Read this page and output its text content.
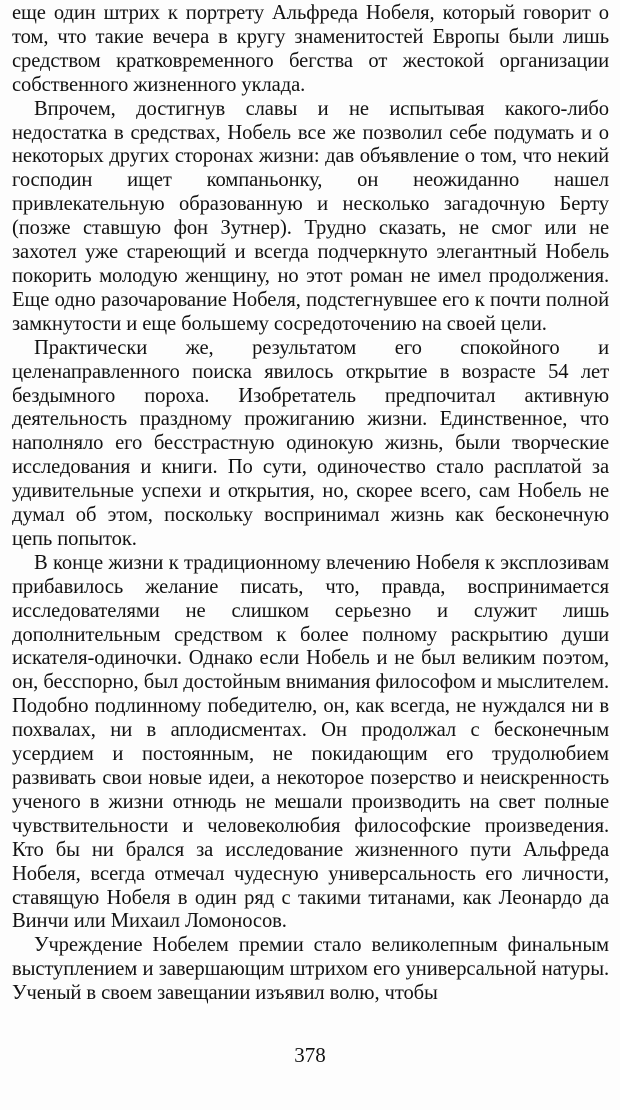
еще один штрих к портрету Альфреда Нобеля, который говорит о том, что такие вечера в кругу знаменитостей Европы были лишь средством кратковременного бегства от жестокой организации собственного жизненного уклада.

Впрочем, достигнув славы и не испытывая какого-либо недостатка в средствах, Нобель все же позволил себе подумать и о некоторых других сторонах жизни: дав объявление о том, что некий господин ищет компаньонку, он неожиданно нашел привлекательную образованную и несколько загадочную Берту (позже ставшую фон Зутнер). Трудно сказать, не смог или не захотел уже стареющий и всегда подчеркнуто элегантный Нобель покорить молодую женщину, но этот роман не имел продолжения. Еще одно разочарование Нобеля, подстегнувшее его к почти полной замкнутости и еще большему сосредоточению на своей цели.

Практически же, результатом его спокойного и целенаправленного поиска явилось открытие в возрасте 54 лет бездымного пороха. Изобретатель предпочитал активную деятельность праздному прожиганию жизни. Единственное, что наполняло его бесстрастную одинокую жизнь, были творческие исследования и книги. По сути, одиночество стало расплатой за удивительные успехи и открытия, но, скорее всего, сам Нобель не думал об этом, поскольку воспринимал жизнь как бесконечную цепь попыток.

В конце жизни к традиционному влечению Нобеля к эксплозивам прибавилось желание писать, что, правда, воспринимается исследователями не слишком серьезно и служит лишь дополнительным средством к более полному раскрытию души искателя-одиночки. Однако если Нобель и не был великим поэтом, он, бесспорно, был достойным внимания философом и мыслителем. Подобно подлинному победителю, он, как всегда, не нуждался ни в похвалах, ни в аплодисментах. Он продолжал с бесконечным усердием и постоянным, не покидающим его трудолюбием развивать свои новые идеи, а некоторое позерство и неискренность ученого в жизни отнюдь не мешали производить на свет полные чувствительности и человеколюбия философские произведения. Кто бы ни брался за исследование жизненного пути Альфреда Нобеля, всегда отмечал чудесную универсальность его личности, ставящую Нобеля в один ряд с такими титанами, как Леонардо да Винчи или Михаил Ломоносов.

Учреждение Нобелем премии стало великолепным финальным выступлением и завершающим штрихом его универсальной натуры. Ученый в своем завещании изъявил волю, чтобы

378
